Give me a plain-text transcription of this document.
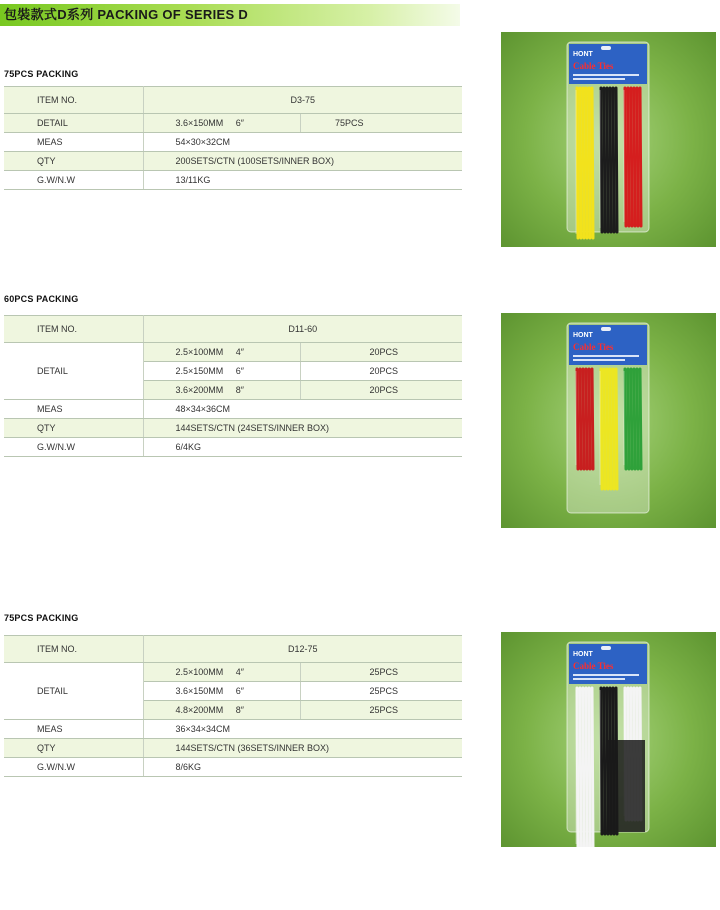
包裝款式D系列 PACKING OF SERIES D
75PCS PACKING
ITEM NO.	D3-75	
DETAIL	3.6×150MM     6″	75PCS
MEAS	54×30×32CM	
QTY	200SETS/CTN (100SETS/INNER BOX)	
G.W/N.W	13/11KG	
HONT
Cable Ties
60PCS PACKING
ITEM NO.	D11-60	
DETAIL	2.5×100MM     4″	20PCS
	2.5×150MM     6″	20PCS
	3.6×200MM     8″	20PCS
MEAS	48×34×36CM	
QTY	144SETS/CTN (24SETS/INNER BOX)	
G.W/N.W	6/4KG	
HONT
Cable Ties
75PCS PACKING
ITEM NO.	D12-75	
DETAIL	2.5×100MM     4″	25PCS
	3.6×150MM     6″	25PCS
	4.8×200MM     8″	25PCS
MEAS	36×34×34CM	
QTY	144SETS/CTN (36SETS/INNER BOX)	
G.W/N.W	8/6KG	
HONT
Cable Ties
